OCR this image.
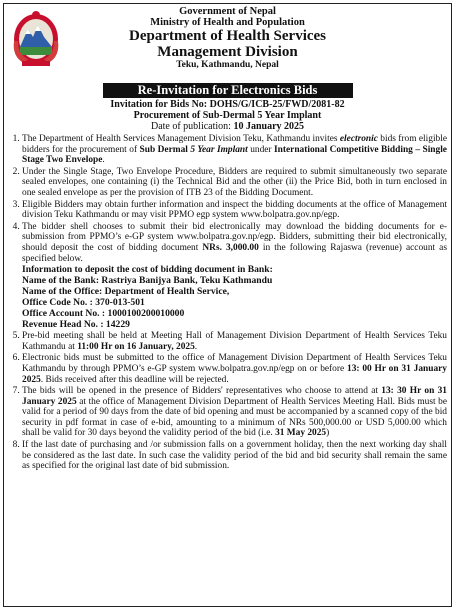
Government of Nepal
Ministry of Health and Population
Department of Health Services
Management Division
Teku, Kathmandu, Nepal
Re-Invitation for Electronics Bids
Invitation for Bids No: DOHS/G/ICB-25/FWD/2081-82
Procurement of Sub-Dermal 5 Year Implant
Date of publication: 10 January 2025
1. The Department of Health Services Management Division Teku, Kathmandu invites electronic bids from eligible bidders for the procurement of Sub Dermal 5 Year Implant under International Competitive Bidding – Single Stage Two Envelope.
2. Under the Single Stage, Two Envelope Procedure, Bidders are required to submit simultaneously two separate sealed envelopes, one containing (i) the Technical Bid and the other (ii) the Price Bid, both in turn enclosed in one sealed envelope as per the provision of ITB 23 of the Bidding Document.
3. Eligible Bidders may obtain further information and inspect the bidding documents at the office of Management division Teku Kathmandu or may visit PPMO egp system www.bolpatra.gov.np/egp.
4. The bidder shell chooses to submit their bid electronically may download the bidding documents for e-submission from PPMO’s e-GP system www.bolpatra.gov.np/egp. Bidders, submitting their bid electronically, should deposit the cost of bidding document NRs. 3,000.00 in the following Rajaswa (revenue) account as specified below.
Information to deposit the cost of bidding document in Bank:
Name of the Bank: Rastriya Banijya Bank, Teku Kathmandu
Name of the Office: Department of Health Service,
Office Code No. : 370-013-501
Office Account No. : 1000100200010000
Revenue Head No. : 14229
5. Pre-bid meeting shall be held at Meeting Hall of Management Division Department of Health Services Teku Kathmandu at 11:00 Hr on 16 January, 2025.
6. Electronic bids must be submitted to the office of Management Division Department of Health Services Teku Kathmandu by through PPMO’s e-GP system www.bolpatra.gov.np/egp on or before 13: 00 Hr on 31 January 2025. Bids received after this deadline will be rejected.
7. The bids will be opened in the presence of Bidders' representatives who choose to attend at 13: 30 Hr on 31 January 2025 at the office of Management Division Department of Health Services Meeting Hall. Bids must be valid for a period of 90 days from the date of bid opening and must be accompanied by a scanned copy of the bid security in pdf format in case of e-bid, amounting to a minimum of NRs 500,000.00 or USD 5,000.00 which shall be valid for 30 days beyond the validity period of the bid (i.e. 31 May 2025)
8. If the last date of purchasing and /or submission falls on a government holiday, then the next working day shall be considered as the last date. In such case the validity period of the bid and bid security shall remain the same as specified for the original last date of bid submission.
